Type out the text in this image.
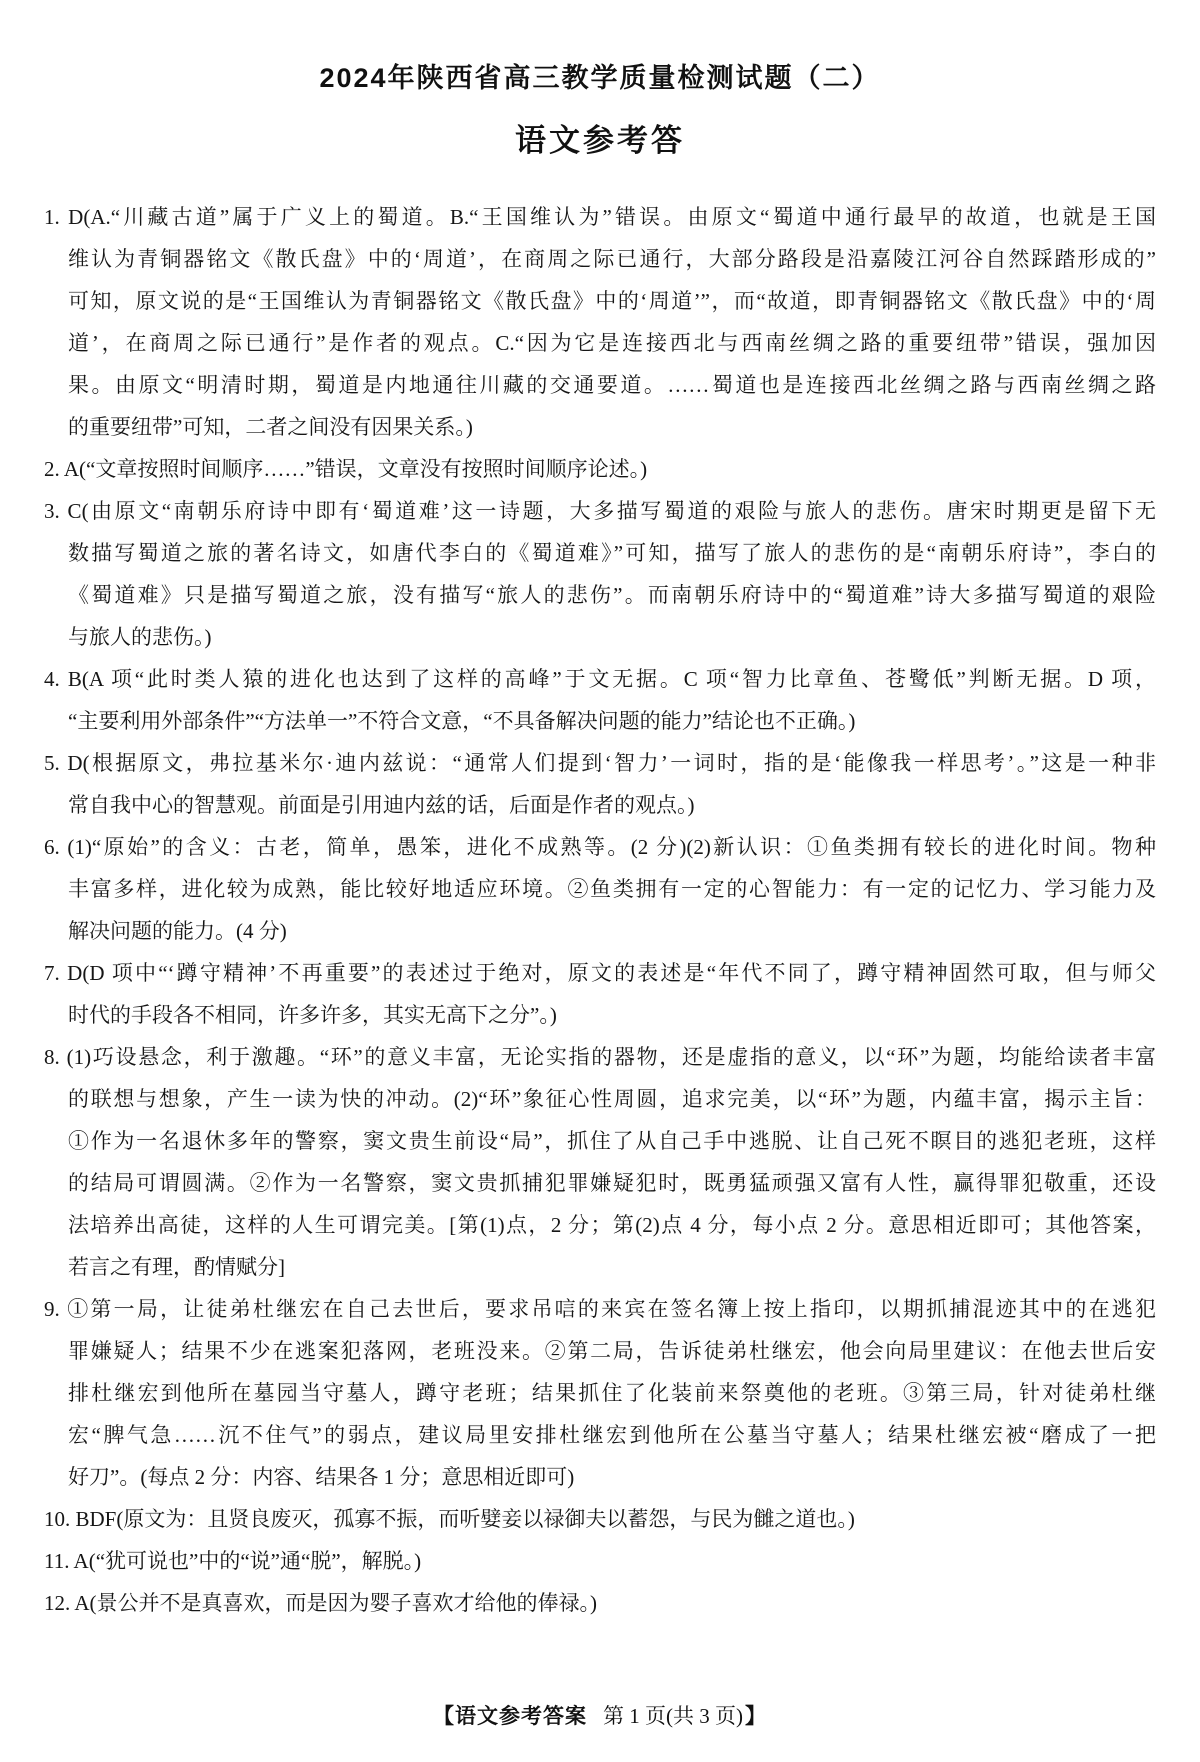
2024年陕西省高三教学质量检测试题（二）
语文参考答
1. D(A.“川藏古道”属于广义上的蜀道。B.“王国维认为”错误。由原文“蜀道中通行最早的故道，也就是王国
维认为青铜器铭文《散氏盘》中的‘周道’，在商周之际已通行，大部分路段是沿嘉陵江河谷自然踩踏形成的”
可知，原文说的是“王国维认为青铜器铭文《散氏盘》中的‘周道’”，而“故道，即青铜器铭文《散氏盘》中的‘周
道’，在商周之际已通行”是作者的观点。C.“因为它是连接西北与西南丝绸之路的重要纽带”错误，强加因
果。由原文“明清时期，蜀道是内地通往川藏的交通要道。……蜀道也是连接西北丝绸之路与西南丝绸之路
的重要纽带”可知，二者之间没有因果关系。)
2. A(“文章按照时间顺序……”错误，文章没有按照时间顺序论述。)
3. C(由原文“南朝乐府诗中即有‘蜀道难’这一诗题，大多描写蜀道的艰险与旅人的悲伤。唐宋时期更是留下无
数描写蜀道之旅的著名诗文，如唐代李白的《蜀道难》”可知，描写了旅人的悲伤的是“南朝乐府诗”，李白的
《蜀道难》只是描写蜀道之旅，没有描写“旅人的悲伤”。而南朝乐府诗中的“蜀道难”诗大多描写蜀道的艰险
与旅人的悲伤。)
4. B(A 项“此时类人猿的进化也达到了这样的高峰”于文无据。C 项“智力比章鱼、苍鹭低”判断无据。D 项，
“主要利用外部条件”“方法单一”不符合文意，“不具备解决问题的能力”结论也不正确。)
5. D(根据原文，弗拉基米尔·迪内兹说：“通常人们提到‘智力’一词时，指的是‘能像我一样思考’。”这是一种非
常自我中心的智慧观。前面是引用迪内兹的话，后面是作者的观点。)
6. (1)“原始”的含义：古老，简单，愚笨，进化不成熟等。(2 分)(2)新认识：①鱼类拥有较长的进化时间。物种
丰富多样，进化较为成熟，能比较好地适应环境。②鱼类拥有一定的心智能力：有一定的记忆力、学习能力及
解决问题的能力。(4 分)
7. D(D 项中“‘蹲守精神’不再重要”的表述过于绝对，原文的表述是“年代不同了，蹲守精神固然可取，但与师父
时代的手段各不相同，许多许多，其实无高下之分”。)
8. (1)巧设悬念，利于激趣。“环”的意义丰富，无论实指的器物，还是虚指的意义，以“环”为题，均能给读者丰富
的联想与想象，产生一读为快的冲动。(2)“环”象征心性周圆，追求完美，以“环”为题，内蕴丰富，揭示主旨：
①作为一名退休多年的警察，窦文贵生前设“局”，抓住了从自己手中逃脱、让自己死不瞑目的逃犯老班，这样
的结局可谓圆满。②作为一名警察，窦文贵抓捕犯罪嫌疑犯时，既勇猛顽强又富有人性，赢得罪犯敬重，还设
法培养出高徒，这样的人生可谓完美。[第(1)点，2 分；第(2)点 4 分，每小点 2 分。意思相近即可；其他答案，
若言之有理，酌情赋分]
9. ①第一局，让徒弟杜继宏在自己去世后，要求吊唁的来宾在签名簿上按上指印，以期抓捕混迹其中的在逃犯
罪嫌疑人；结果不少在逃案犯落网，老班没来。②第二局，告诉徒弟杜继宏，他会向局里建议：在他去世后安
排杜继宏到他所在墓园当守墓人，蹲守老班；结果抓住了化装前来祭奠他的老班。③第三局，针对徒弟杜继
宏“脾气急……沉不住气”的弱点，建议局里安排杜继宏到他所在公墓当守墓人；结果杜继宏被“磨成了一把
好刀”。(每点 2 分：内容、结果各 1 分；意思相近即可)
10. BDF(原文为：且贤良废灭，孤寡不振，而听嬖妾以禄御夫以蓄怨，与民为雠之道也。)
11. A(“犹可说也”中的“说”通“脱”，解脱。)
12. A(景公并不是真喜欢，而是因为婴子喜欢才给他的俸禄。)
【语文参考答案 第 1 页(共 3 页)】
